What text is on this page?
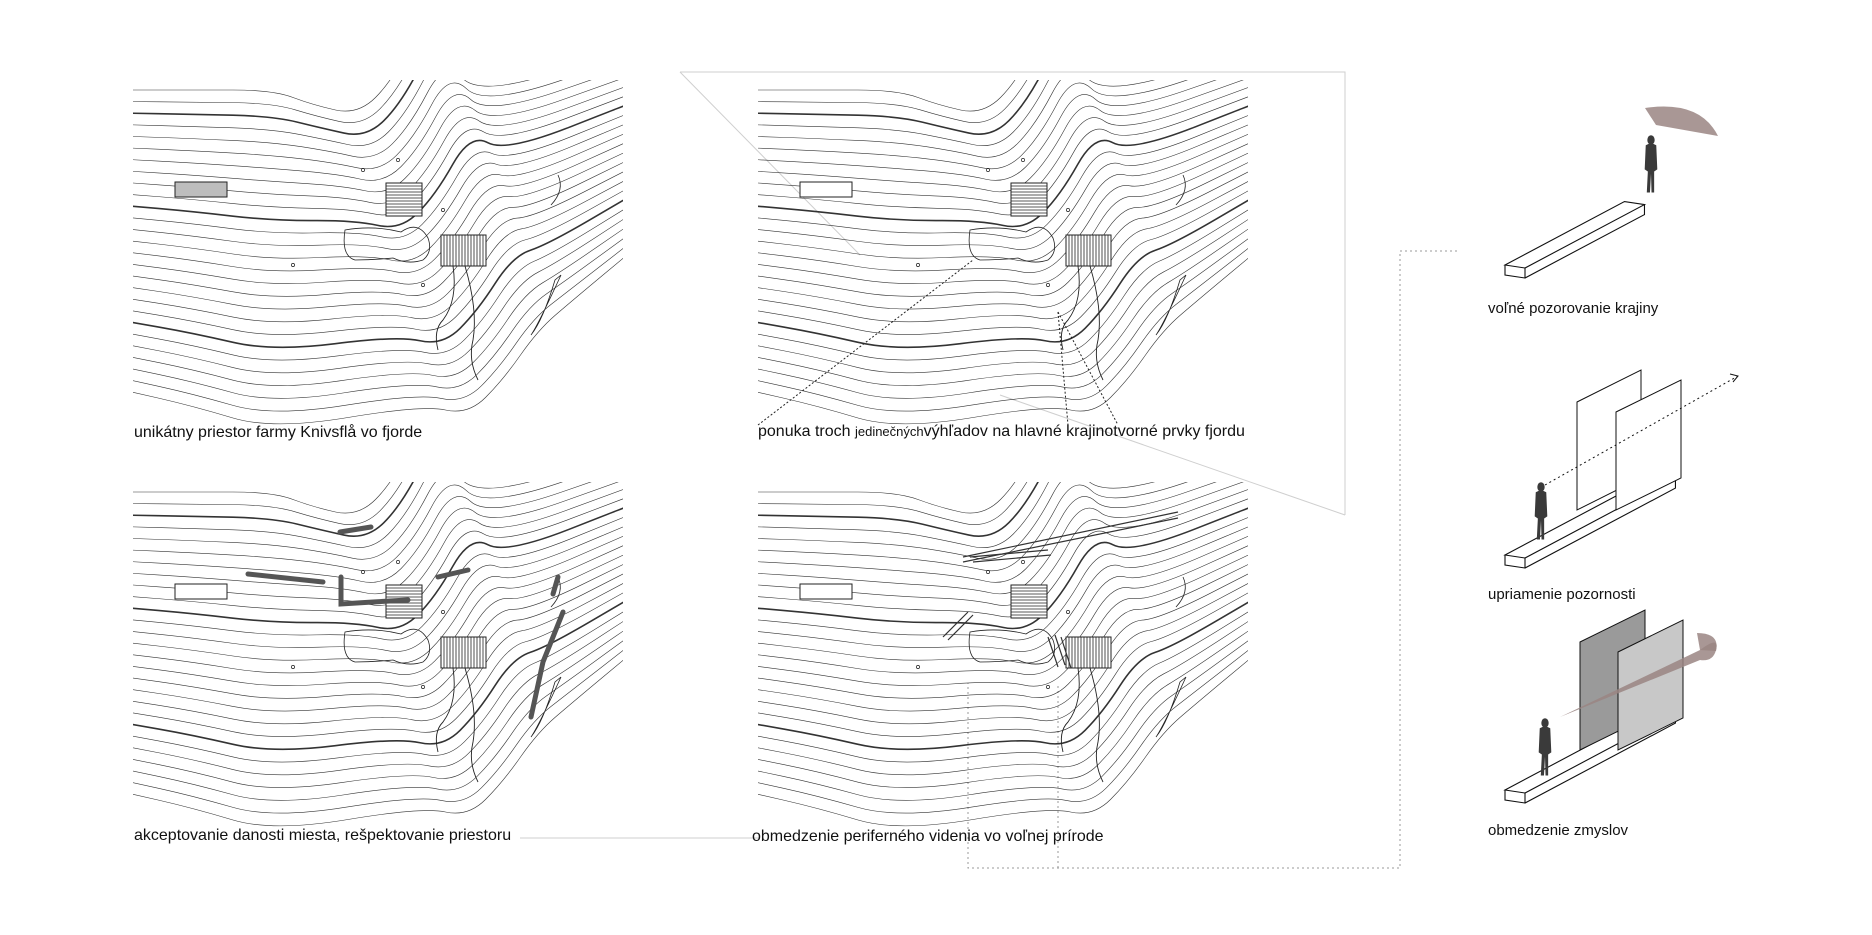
unikátny priestor farmy Knivsflå vo fjorde	ponuka troch jedinečnýchvýhľadov na hlavné krajinotvorné prvky fjordu
akceptovanie danosti miesta, rešpektovanie priestoru	obmedzenie periferného videnia vo voľnej prírode
voľné pozorovanie krajiny
upriamenie pozornosti
obmedzenie zmyslov
